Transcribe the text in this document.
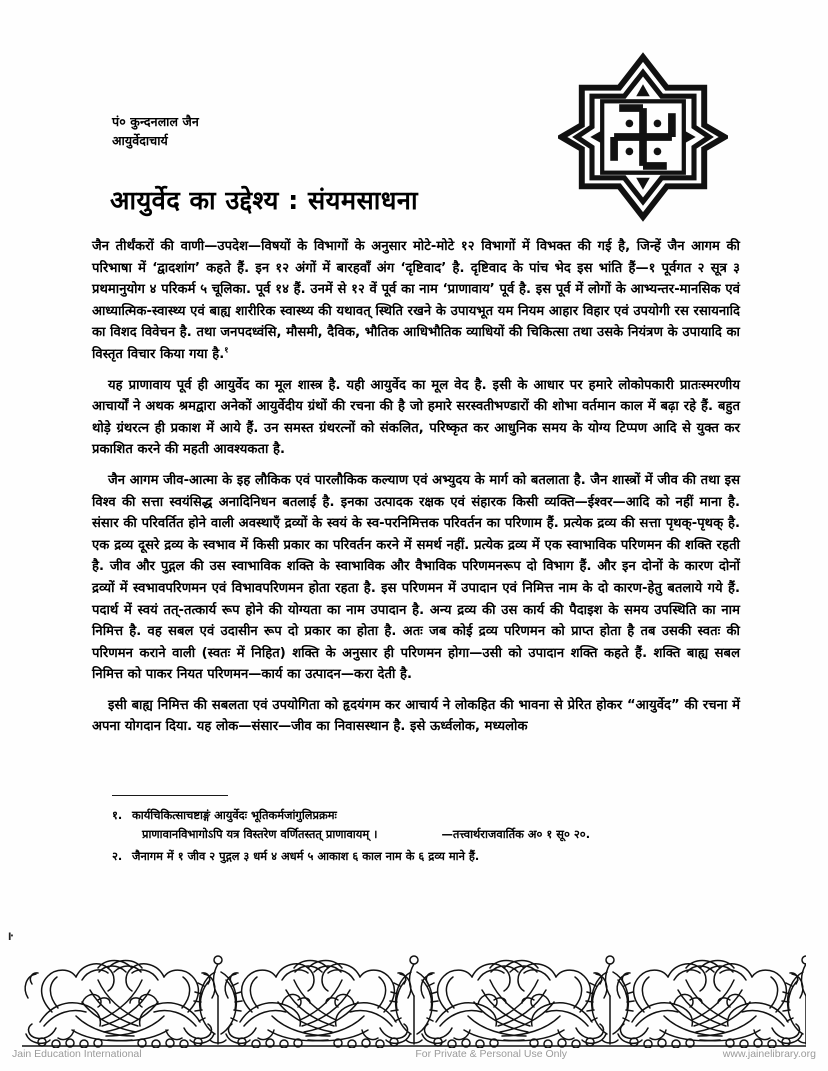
पं० कुन्दनलाल जैन
आयुर्वेदाचार्य
आयुर्वेद का उद्देश्य : संयमसाधना

जैन तीर्थंकरों की वाणी—उपदेश—विषयों के विभागों के अनुसार मोटे-मोटे १२ विभागों में विभक्त की गई है, जिन्हें जैन आगम की परिभाषा में ‘द्वादशांग’ कहते हैं. इन १२ अंगों में बारहवाँ अंग ‘दृष्टिवाद’ है. दृष्टिवाद के पांच भेद इस भांति हैं—१ पूर्वगत २ सूत्र ३ प्रथमानुयोग ४ परिकर्म ५ चूलिका. पूर्व १४ हैं. उनमें से १२ वें पूर्व का नाम ‘प्राणावाय’ पूर्व है. इस पूर्व में लोगों के आभ्यन्तर-मानसिक एवं आध्यात्मिक-स्वास्थ्य एवं बाह्य शारीरिक स्वास्थ्य की यथावत् स्थिति रखने के उपायभूत यम नियम आहार विहार एवं उपयोगी रस रसायनादि का विशद विवेचन है. तथा जनपदध्वंसि, मौसमी, दैविक, भौतिक आधिभौतिक व्याधियों की चिकित्सा तथा उसके नियंत्रण के उपायादि का विस्तृत विचार किया गया है.$^१$

यह प्राणावाय पूर्व ही आयुर्वेद का मूल शास्त्र है. यही आयुर्वेद का मूल वेद है. इसी के आधार पर हमारे लोकोपकारी प्रातःस्मरणीय आचार्यों ने अथक श्रमद्वारा अनेकों आयुर्वेदीय ग्रंथों की रचना की है जो हमारे सरस्वतीभण्डारों की शोभा वर्तमान काल में बढ़ा रहे हैं. बहुत थोड़े ग्रंथरत्न ही प्रकाश में आये हैं. उन समस्त ग्रंथरत्नों को संकलित, परिष्कृत कर आधुनिक समय के योग्य टिप्पण आदि से युक्त कर प्रकाशित करने की महती आवश्यकता है.

जैन आगम जीव-आत्मा के इह लौकिक एवं पारलौकिक कल्याण एवं अभ्युदय के मार्ग को बतलाता है. जैन शास्त्रों में जीव की तथा इस विश्व की सत्ता स्वयंसिद्ध अनादिनिधन बतलाई है. इनका उत्पादक रक्षक एवं संहारक किसी व्यक्ति—ईश्वर—आदि को नहीं माना है. संसार की परिवर्तित होने वाली अवस्थाएँ द्रव्यों के स्वयं के स्व-परनिमित्तक परिवर्तन का परिणाम हैं. प्रत्येक द्रव्य की सत्ता पृथक्-पृथक् है. एक द्रव्य दूसरे द्रव्य के स्वभाव में किसी प्रकार का परिवर्तन करने में समर्थ नहीं. प्रत्येक द्रव्य में एक स्वाभाविक परिणमन की शक्ति रहती है. जीव और पुद्गल की उस स्वाभाविक शक्ति के स्वाभाविक और वैभाविक परिणमनरूप दो विभाग हैं. और इन दोनों के कारण दोनों द्रव्यों में स्वभावपरिणमन एवं विभावपरिणमन होता रहता है. इस परिणमन में उपादान एवं निमित्त नाम के दो कारण-हेतु बतलाये गये हैं. पदार्थ में स्वयं तत्-तत्कार्य रूप होने की योग्यता का नाम उपादान है. अन्य द्रव्य की उस कार्य की पैदाइश के समय उपस्थिति का नाम निमित्त है. वह सबल एवं उदासीन रूप दो प्रकार का होता है. अतः जब कोई द्रव्य परिणमन को प्राप्त होता है तब उसकी स्वतः की परिणमन कराने वाली (स्वतः में निहित) शक्ति के अनुसार ही परिणमन होगा—उसी को उपादान शक्ति कहते हैं. शक्ति बाह्य सबल निमित्त को पाकर नियत परिणमन—कार्य का उत्पादन—करा देती है.

इसी बाह्य निमित्त की सबलता एवं उपयोगिता को हृदयंगम कर आचार्य ने लोकहित की भावना से प्रेरित होकर “आयुर्वेद” की रचना में अपना योगदान दिया. यह लोक—संसार—जीव का निवासस्थान है. इसे ऊर्ध्वलोक, मध्यलोक

१. कार्यचिकित्साचष्टाङ्गं आयुर्वेदः भूतिकर्मजांगुलिप्रक्रमः
प्राणावानविभागोऽपि यत्र विस्तरेण वर्णितस्तत् प्राणावायम् ।	—तत्त्वार्थराजवार्तिक अ० १ सू० २०.
२. जैनागम में १ जीव २ पुद्गल ३ धर्म ४ अधर्म ५ आकाश ६ काल नाम के ६ द्रव्य माने हैं.
ŀ
Jain Education International	For Private & Personal Use Only	www.jainelibrary.org
